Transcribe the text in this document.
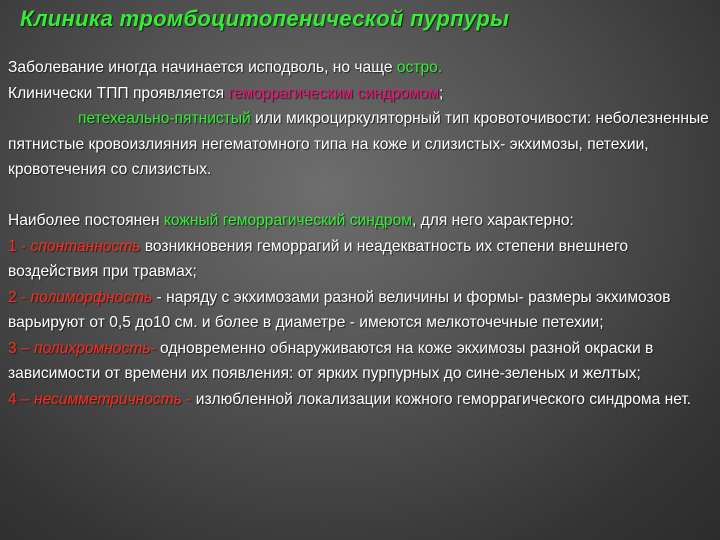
Клиника тромбоцитопенической пурпуры

Заболевание иногда начинается исподволь, но чаще остро.

Клинически ТПП проявляется геморрагическим синдромом;

петехеально-пятнистый или микроциркуляторный тип кровоточивости: неболезненные пятнистые кровоизлияния негематомного типа на коже и слизистых- экхимозы, петехии, кровотечения со слизистых.

Наиболее постоянен кожный геморрагический синдром, для него характерно:

1 - спонтанность возникновения геморрагий и неадекватность их степени внешнего воздействия при травмах;

2 - полиморфность - наряду с экхимозами разной величины и формы- размеры экхимозов варьируют от 0,5 до10 см. и более в диаметре - имеются мелкоточечные петехии;

3 – полихромность- одновременно обнаруживаются на коже экхимозы разной окраски в зависимости от времени их появления: от ярких пурпурных до сине-зеленых и желтых;

4 – несимметричность - излюбленной локализации кожного геморрагического синдрома нет.
